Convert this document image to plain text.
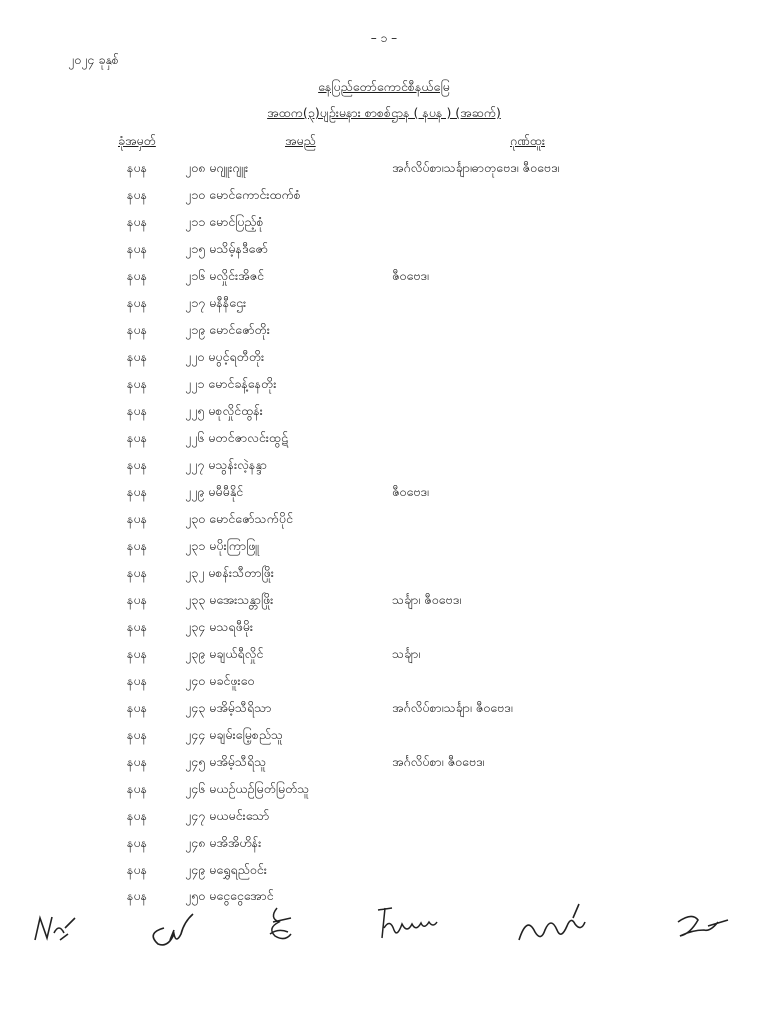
– ၁ –
၂၀၂၄ ခုနှစ်
နေပြည်တော်ကောင်စီနယ်မြေ
အထက(၃)ပျဉ်းမနား စာစစ်ဌာန ( နပန ) (အဆက်)
ခုံအမှတ်	အမည်	ဂုဏ်ထူး
နပန	၂၀၈ မဂျူးဂျူး	အင်္ဂလိပ်စာ၊သင်္ချာ၊ဓာတုဗေဒ၊ ဇီဝဗေဒ၊
နပန	၂၁၀ မောင်ကောင်းထက်စံ
နပန	၂၁၁ မောင်ပြည့်စုံ
နပန	၂၁၅ မသိမ့်နဒီဇော်
နပန	၂၁၆ မလှိုင်းအိဇင်	ဇီဝဗေဒ၊
နပန	၂၁၇ မနီနီဌေး
နပန	၂၁၉ မောင်ဇော်တိုး
နပန	၂၂၀ မပွင့်ရတီတိုး
နပန	၂၂၁ မောင်ခန့်နေတိုး
နပန	၂၂၅ မစုလှိုင်ထွန်း
နပန	၂၂၆ မတင်ဇာလင်းထွဋ်
နပန	၂၂၇ မသွန်းလဲ့နန္ဒာ
နပန	၂၂၉ မမီမီနိုင်	ဇီဝဗေဒ၊
နပန	၂၃၀ မောင်ဇော်သက်ပိုင်
နပန	၂၃၁ မပိုးကြာဖြူ
နပန	၂၃၂ မစန်းသီတာဖြိုး
နပန	၂၃၃ မအေးသန္တာဖြိုး	သင်္ချာ၊ ဇီဝဗေဒ၊
နပန	၂၃၄ မသရဖီမိုး
နပန	၂၃၉ မချယ်ရီလှိုင်	သင်္ချာ၊
နပန	၂၄၀ မခင်ဖူးဝေ
နပန	၂၄၃ မအိမ့်သီရိသာ	အင်္ဂလိပ်စာ၊သင်္ချာ၊ ဇီဝဗေဒ၊
နပန	၂၄၄ မချမ်းမြေ့စည်သူ
နပန	၂၄၅ မအိမ့်သီရိသူ	အင်္ဂလိပ်စာ၊ ဇီဝဗေဒ၊
နပန	၂၄၆ မယဉ်ယဉ်မြတ်မြတ်သူ
နပန	၂၄၇ မယမင်းသော်
နပန	၂၄၈ မအိအိဟိန်း
နပန	၂၄၉ မရွှေရည်ဝင်း
နပန	၂၅၀ မငွေငွေအောင်
